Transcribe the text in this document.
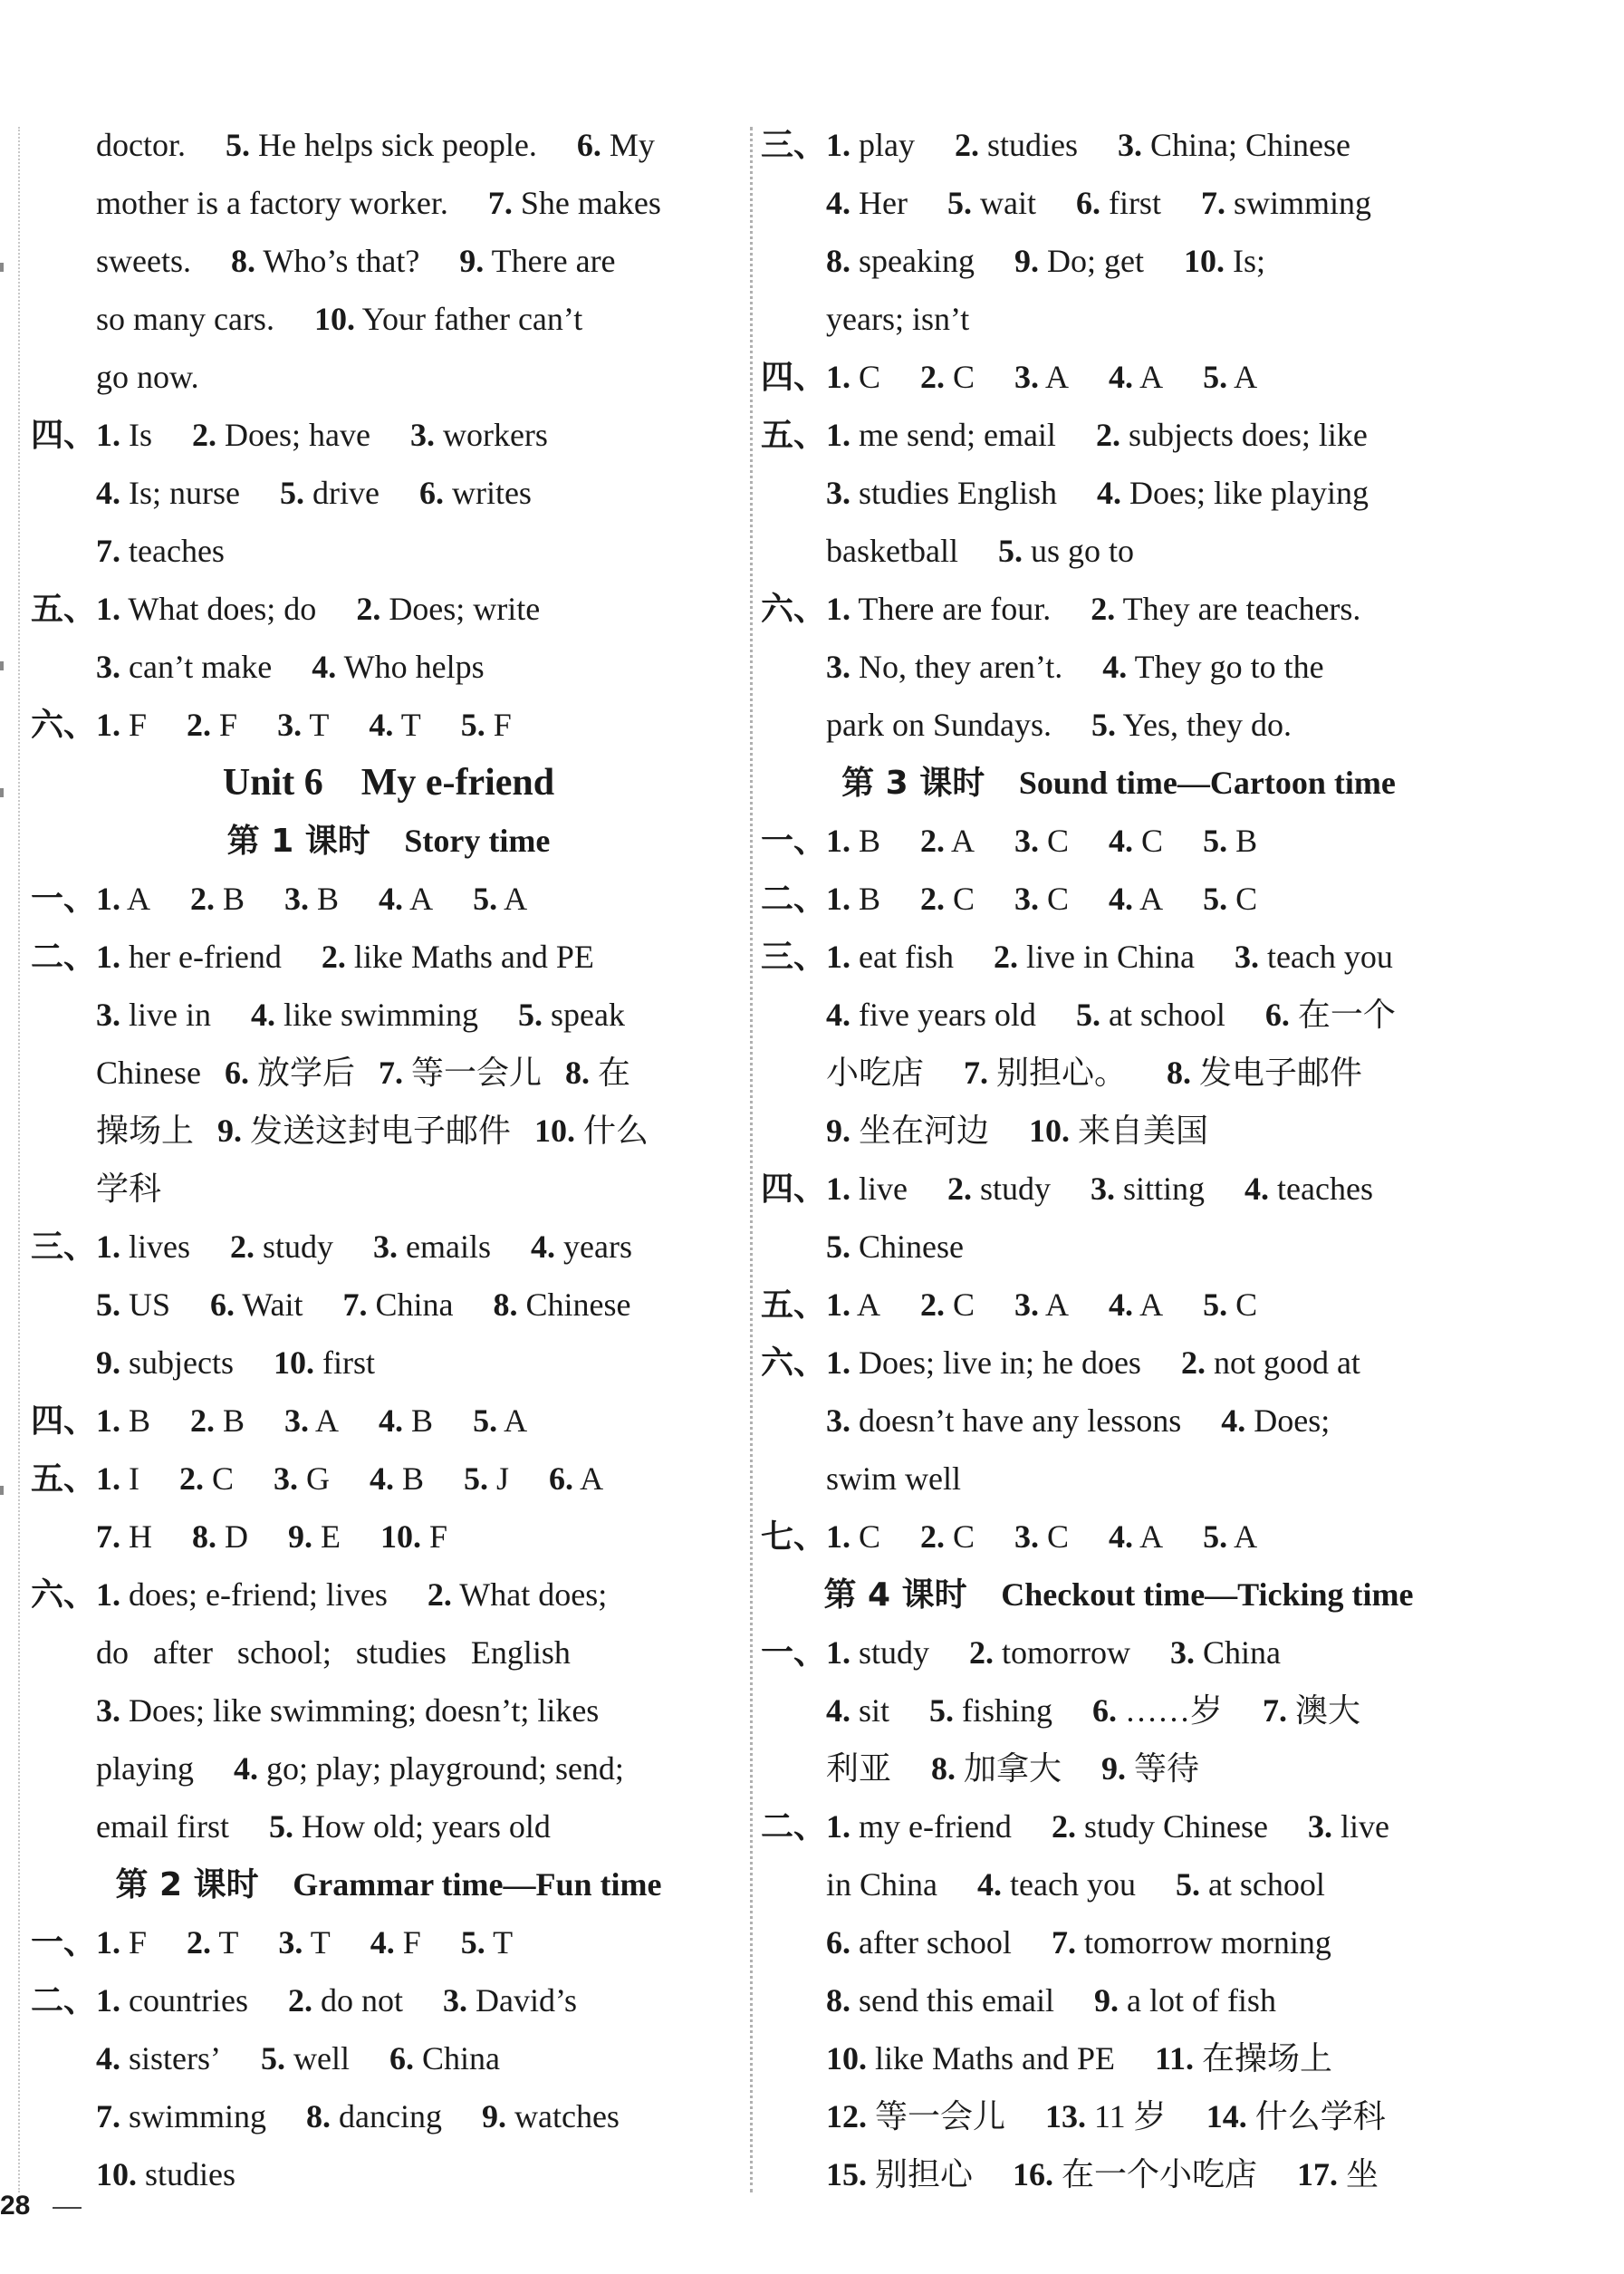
doctor. 5. He helps sick people. 6. My
mother is a factory worker. 7. She makes
sweets. 8. Who’s that? 9. There are
so many cars. 10. Your father can’t
go now.
四、1. Is 2. Does; have 3. workers
4. Is; nurse 5. drive 6. writes
7. teaches
五、1. What does; do 2. Does; write
3. can’t make 4. Who helps
六、1. F 2. F 3. T 4. T 5. F
Unit 6    My e-friend
第 1 课时 Story time
一、1. A 2. B 3. B 4. A 5. A
二、1. her e-friend 2. like Maths and PE
3. live in 4. like swimming 5. speak
Chinese 6. 放学后 7. 等一会儿 8. 在
操场上 9. 发送这封电子邮件 10. 什么
学科
三、1. lives 2. study 3. emails 4. years
5. US 6. Wait 7. China 8. Chinese
9. subjects 10. first
四、1. B 2. B 3. A 4. B 5. A
五、1. I 2. C 3. G 4. B 5. J 6. A
7. H 8. D 9. E 10. F
六、1. does; e-friend; lives 2. What does;
do   after   school;   studies   English
3. Does; like swimming; doesn’t; likes
playing 4. go; play; playground; send;
email first 5. How old; years old
第 2 课时 Grammar time—Fun time
一、1. F 2. T 3. T 4. F 5. T
二、1. countries 2. do not 3. David’s
4. sisters’ 5. well 6. China
7. swimming 8. dancing 9. watches
10. studies
三、1. play 2. studies 3. China; Chinese
4. Her 5. wait 6. first 7. swimming
8. speaking 9. Do; get 10. Is;
years; isn’t
四、1. C 2. C 3. A 4. A 5. A
五、1. me send; email 2. subjects does; like
3. studies English 4. Does; like playing
basketball 5. us go to
六、1. There are four. 2. They are teachers.
3. No, they aren’t. 4. They go to the
park on Sundays. 5. Yes, they do.
第 3 课时 Sound time—Cartoon time
一、1. B 2. A 3. C 4. C 5. B
二、1. B 2. C 3. C 4. A 5. C
三、1. eat fish 2. live in China 3. teach you
4. five years old 5. at school 6. 在一个
小吃店 7. 别担心。 8. 发电子邮件
9. 坐在河边 10. 来自美国
四、1. live 2. study 3. sitting 4. teaches
5. Chinese
五、1. A 2. C 3. A 4. A 5. C
六、1. Does; live in; he does 2. not good at
3. doesn’t have any lessons 4. Does;
swim well
七、1. C 2. C 3. C 4. A 5. A
第 4 课时 Checkout time—Ticking time
一、1. study 2. tomorrow 3. China
4. sit 5. fishing 6. ……岁 7. 澳大
利亚 8. 加拿大 9. 等待
二、1. my e-friend 2. study Chinese 3. live
in China 4. teach you 5. at school
6. after school 7. tomorrow morning
8. send this email 9. a lot of fish
10. like Maths and PE 11. 在操场上
12. 等一会儿 13. 11 岁 14. 什么学科
15. 别担心 16. 在一个小吃店 17. 坐
28
